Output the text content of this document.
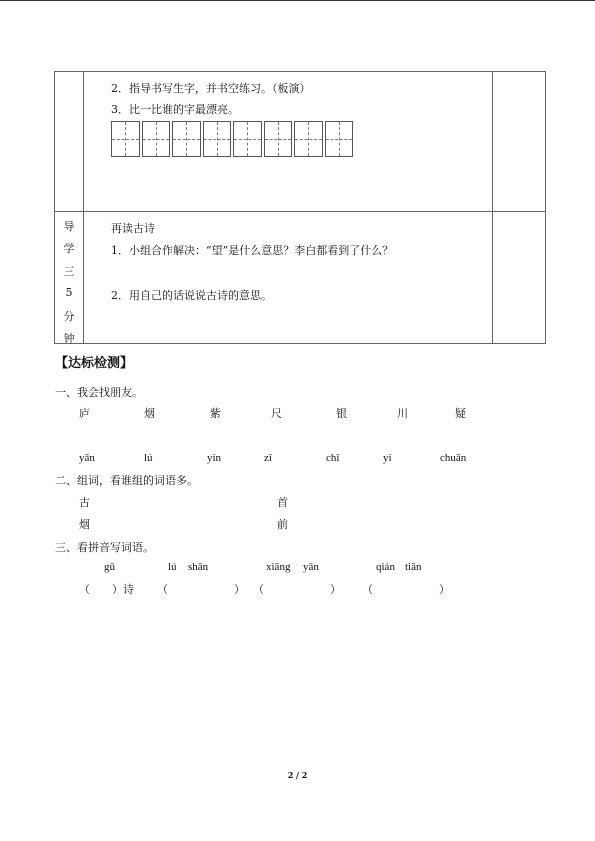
2．指导书写生字，并书空练习。（板演）
3．比一比谁的字最漂亮。
导
学
三
5
分
钟
再读古诗
1．小组合作解决：“望”是什么意思？李白都看到了什么？
2．用自己的话说说古诗的意思。
【达标检测】
一、我会找朋友。
庐	烟	紫	尺	银	川	疑
yān	lú	yín	zǐ	chǐ	yí	chuān
二、组词，看谁组的词语多。
古	首
烟	前
三、看拼音写词语。
gǔ	lú shān	xiāng yān	qián tiān
（　　）诗 （　　　　　　） （　　　　　　） （　　　　　　）
2 / 2
